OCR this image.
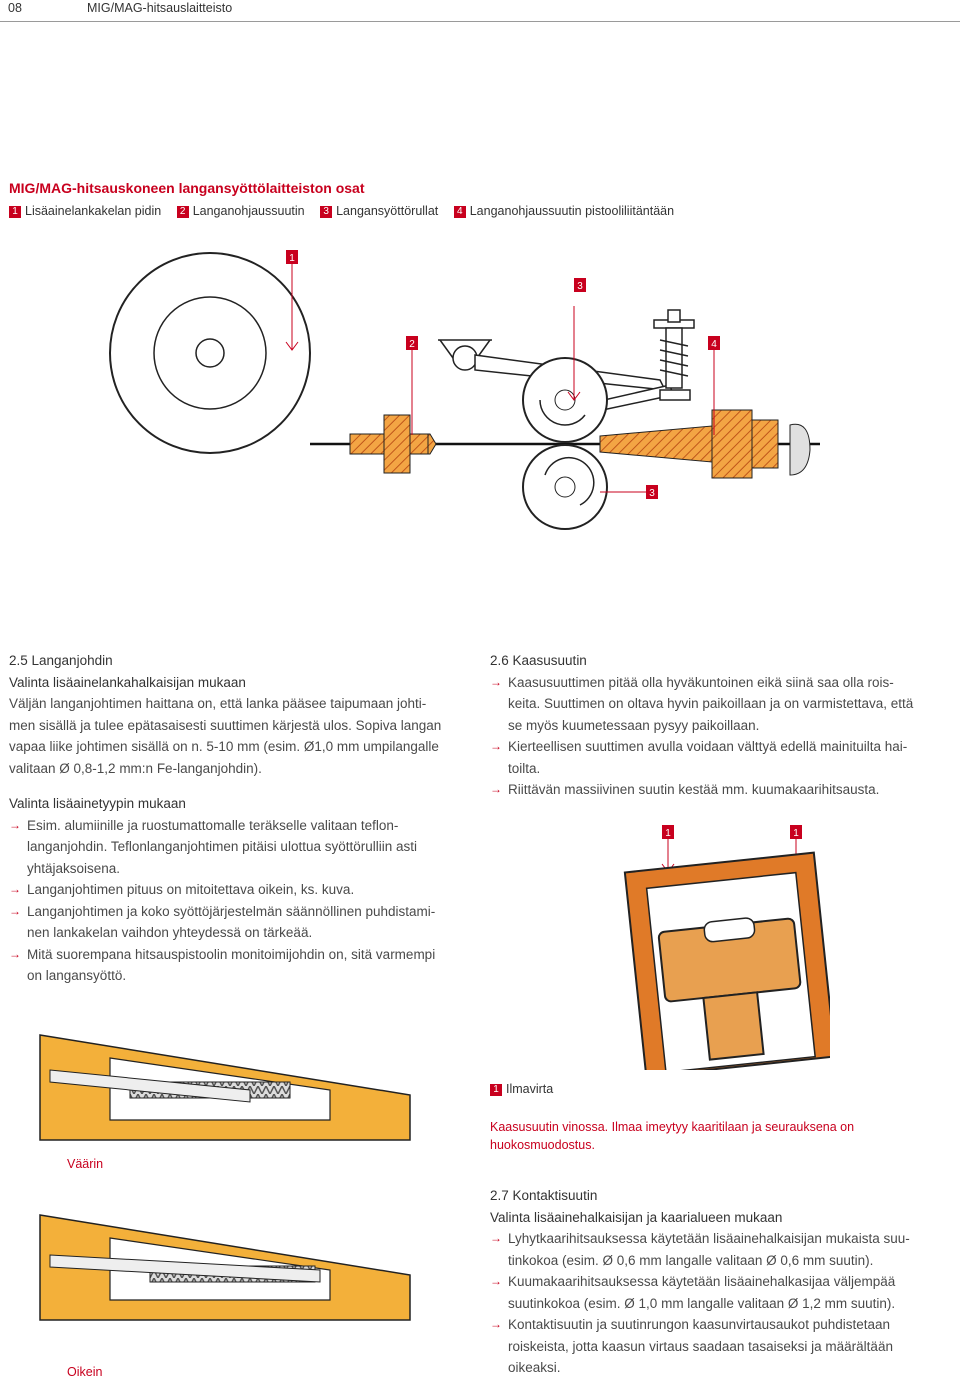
08	MIG/MAG-hitsauslaitteisto
MIG/MAG-hitsauskoneen langansyöttölaitteiston osat
1 Lisäainelankakelan pidin 2 Langanohjaussuutin 3 Langansyöttörullat 4 Langanohjaussuutin pistooliliitäntään
1
3
2	4
3

2.5 Langanjohdin

Valinta lisäainelankahalkaisijan mukaan

Väljän langanjohtimen haittana on, että lanka pääsee taipumaan johti-

men sisällä ja tulee epätasaisesti suuttimen kärjestä ulos. Sopiva langan

vapaa liike johtimen sisällä on n. 5-10 mm (esim. Ø1,0 mm umpilangalle

valitaan Ø 0,8-1,2 mm:n Fe-langanjohdin).

Valinta lisäainetyypin mukaan

→ Esim. alumiinille ja ruostumattomalle teräkselle valitaan teflon-
langanjohdin. Teflonlanganjohtimen pitäisi ulottua syöttörulliin asti
yhtäjaksoisena.
→ Langanjohtimen pituus on mitoitettava oikein, ks. kuva.
→ Langanjohtimen ja koko syöttöjärjestelmän säännöllinen puhdistami-
nen lankakelan vaihdon yhteydessä on tärkeää.
→ Mitä suorempana hitsauspistoolin monitoimijohdin on, sitä varmempi
on langansyöttö.

2.6 Kaasusuutin

→ Kaasusuuttimen pitää olla hyväkuntoinen eikä siinä saa olla rois-
keita. Suuttimen on oltava hyvin paikoillaan ja on varmistettava, että
se myös kuumetessaan pysyy paikoillaan.
→ Kierteellisen suuttimen avulla voidaan välttyä edellä mainituilta hai-
toilta.
→ Riittävän massiivinen suutin kestää mm. kuumakaarihitsausta.
1	1
1 Ilmavirta
Kaasusuutin vinossa. Ilmaa imeytyy kaaritilaan ja seurauksena on
huokosmuodostus.
Väärin
Oikein

2.7 Kontaktisuutin

Valinta lisäainehalkaisijan ja kaarialueen mukaan

→ Lyhytkaarihitsauksessa käytetään lisäainehalkaisijan mukaista suu-
tinkokoa (esim. Ø 0,6 mm langalle valitaan Ø 0,6 mm suutin).
→ Kuumakaarihitsauksessa käytetään lisäainehalkasijaa väljempää
suutinkokoa (esim. Ø 1,0 mm langalle valitaan Ø 1,2 mm suutin).
→ Kontaktisuutin ja suutinrungon kaasunvirtausaukot puhdistetaan
roiskeista, jotta kaasun virtaus saadaan tasaiseksi ja määrältään
oikeaksi.
